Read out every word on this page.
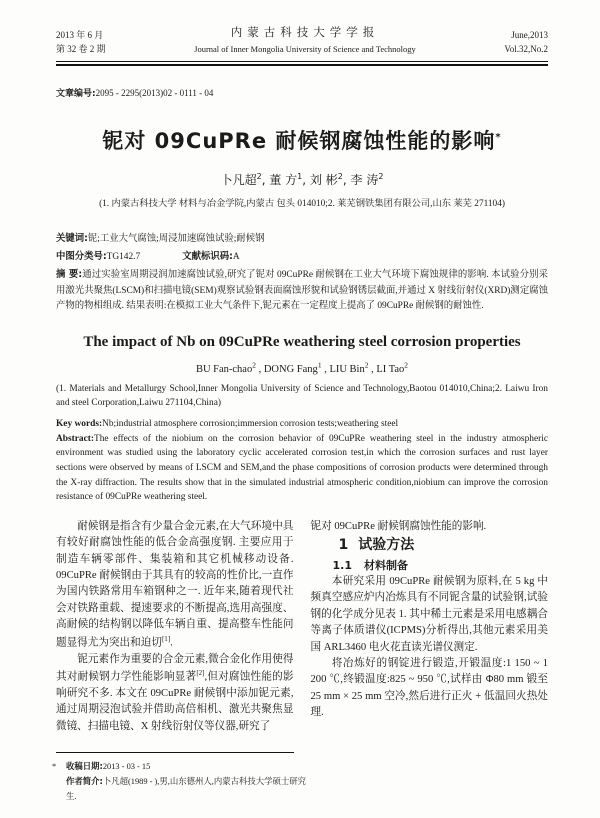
2013 年 6 月
第 32 卷 2 期
内蒙古科技大学学报
Journal of Inner Mongolia University of Science and Technology
June,2013
Vol.32,No.2
文章编号:2095 - 2295(2013)02 - 0111 - 04
铌对 09CuPRe 耐候钢腐蚀性能的影响*
卜凡超$^2$, 董 方$^1$, 刘 彬$^2$, 李 涛$^2$
(1. 内蒙古科技大学 材料与冶金学院,内蒙古 包头 014010;2. 莱芜钢铁集团有限公司,山东 莱芜 271104)
关键词:铌;工业大气腐蚀;周浸加速腐蚀试验;耐候钢
中图分类号:TG142.7	文献标识码:A
摘 要:通过实验室周期浸润加速腐蚀试验,研究了铌对 09CuPRe 耐候钢在工业大气环境下腐蚀规律的影响. 本试验分别采用激光共聚焦(LSCM)和扫描电镜(SEM)观察试验钢表面腐蚀形貌和试验钢锈层截面,并通过 X 射线衍射仪(XRD)测定腐蚀产物的物相组成. 结果表明:在模拟工业大气条件下,铌元素在一定程度上提高了 09CuPRe 耐候钢的耐蚀性.
The impact of Nb on 09CuPRe weathering steel corrosion properties
BU Fan-chao$^2$ , DONG Fang$^1$ , LIU Bin$^2$ , LI Tao$^2$
(1. Materials and Metallurgy School,Inner Mongolia University of Science and Technology,Baotou 014010,China;2. Laiwu Iron and steel Corporation,Laiwu 271104,China)
Key words:Nb;industrial atmosphere corrosion;immersion corrosion tests;weathering steel
Abstract:The effects of the niobium on the corrosion behavior of 09CuPRe weathering steel in the industry atmospheric environment was studied using the laboratory cyclic accelerated corrosion test,in which the corrosion surfaces and rust layer sections were observed by means of LSCM and SEM,and the phase compositions of corrosion products were determined through the X-ray diffraction. The results show that in the simulated industrial atmospheric condition,niobium can improve the corrosion resistance of 09CuPRe weathering steel.

耐候钢是指含有少量合金元素,在大气环境中具有较好耐腐蚀性能的低合金高强度钢. 主要应用于制造车辆零部件、集装箱和其它机械移动设备. 09CuPRe 耐候钢由于其具有的较高的性价比,一直作为国内铁路常用车箱钢种之一. 近年来,随着现代社会对铁路重载、提速要求的不断提高,选用高强度、高耐候的结构钢以降低车辆自重、提高整车性能问题显得尤为突出和迫切[1].

铌元素作为重要的合金元素,微合金化作用使得其对耐候钢力学性能影响显著[2],但对腐蚀性能的影响研究不多. 本文在 09CuPRe 耐候钢中添加铌元素,通过周期浸泡试验并借助高倍相机、激光共聚焦显微镜、扫描电镜、X 射线衍射仪等仪器,研究了

铌对 09CuPRe 耐候钢腐蚀性能的影响.

1 试验方法

1.1 材料制备

本研究采用 09CuPRe 耐候钢为原料,在 5 kg 中频真空感应炉内冶炼具有不同铌含量的试验钢,试验钢的化学成分见表 1. 其中稀土元素是采用电感耦合等离子体质谱仪(ICPMS)分析得出,其他元素采用美国 ARL3460 电火花直读光谱仪测定.

将冶炼好的钢锭进行锻造,开锻温度:1 150 ~ 1 200 ℃,终锻温度:825 ~ 950 ℃,试样由 Φ80 mm 锻至 25 mm × 25 mm 空冷,然后进行正火 + 低温回火热处理.

* 收稿日期:2013 - 03 - 15
作者简介:卜凡超(1989 - ),男,山东德州人,内蒙古科技大学硕士研究生.
